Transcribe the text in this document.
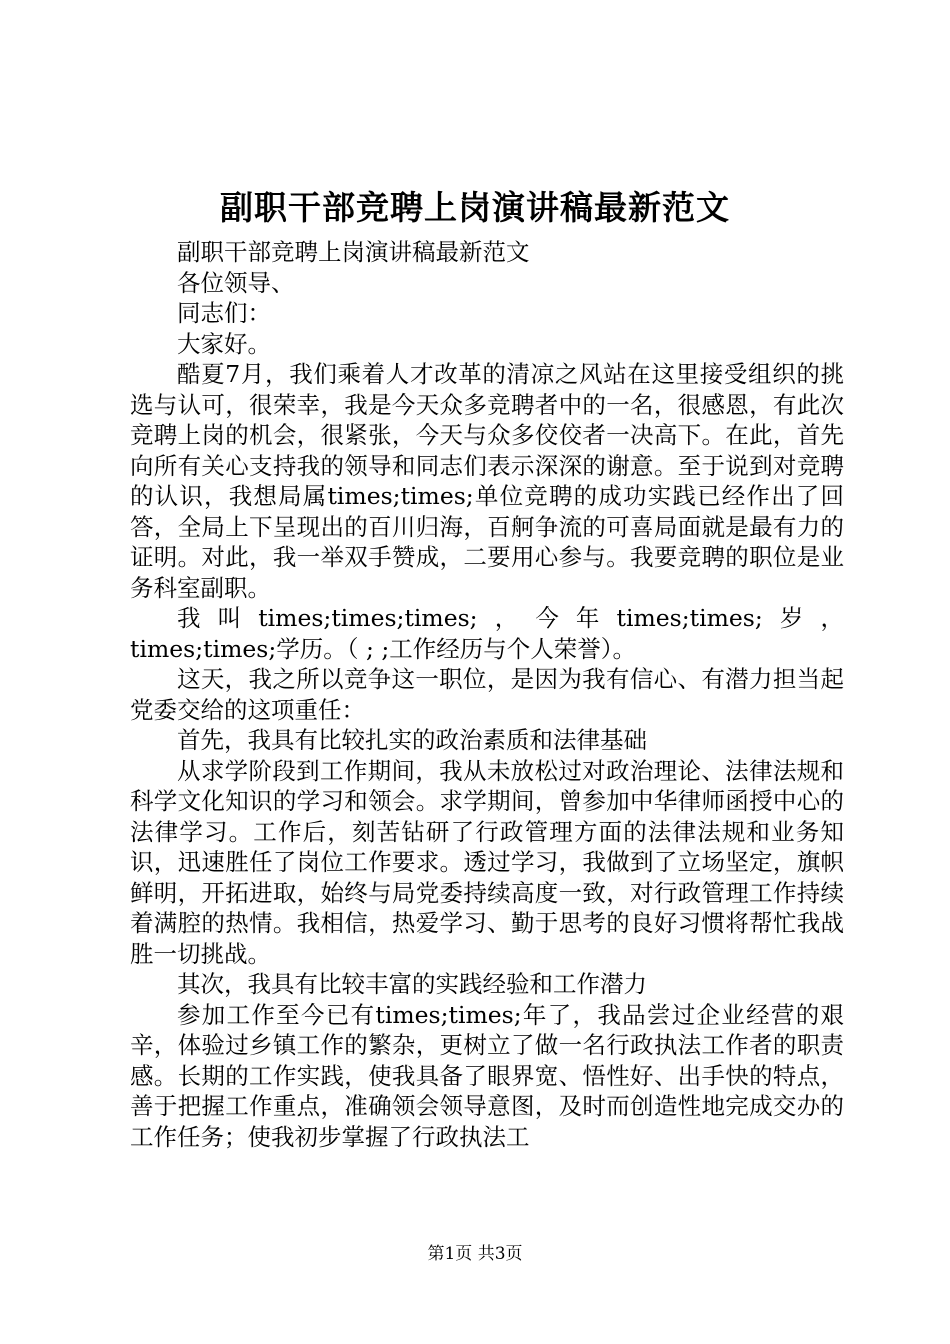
副职干部竞聘上岗演讲稿最新范文

副职干部竞聘上岗演讲稿最新范文

各位领导、

同志们：

大家好。

酷夏7月，我们乘着人才改革的清凉之风站在这里接受组织的挑选与认可，很荣幸，我是今天众多竞聘者中的一名，很感恩，有此次竞聘上岗的机会，很紧张，今天与众多佼佼者一决高下。在此，首先向所有关心支持我的领导和同志们表示深深的谢意。至于说到对竞聘的认识，我想局属times;times;单位竞聘的成功实践已经作出了回答，全局上下呈现出的百川归海，百舸争流的可喜局面就是最有力的证明。对此，我一举双手赞成，二要用心参与。我要竞聘的职位是业务科室副职。

我叫times;times;times;，今年times;times;岁，times;times;学历。（ ; ;工作经历与个人荣誉）。

这天，我之所以竞争这一职位，是因为我有信心、有潜力担当起党委交给的这项重任：

首先，我具有比较扎实的政治素质和法律基础

从求学阶段到工作期间，我从未放松过对政治理论、法律法规和科学文化知识的学习和领会。求学期间，曾参加中华律师函授中心的法律学习。工作后，刻苦钻研了行政管理方面的法律法规和业务知识，迅速胜任了岗位工作要求。透过学习，我做到了立场坚定，旗帜鲜明，开拓进取，始终与局党委持续高度一致，对行政管理工作持续着满腔的热情。我相信，热爱学习、勤于思考的良好习惯将帮忙我战胜一切挑战。

其次，我具有比较丰富的实践经验和工作潜力

参加工作至今已有times;times;年了，我品尝过企业经营的艰辛，体验过乡镇工作的繁杂，更树立了做一名行政执法工作者的职责感。长期的工作实践，使我具备了眼界宽、悟性好、出手快的特点，善于把握工作重点，准确领会领导意图，及时而创造性地完成交办的工作任务；使我初步掌握了行政执法工

第1页 共3页
